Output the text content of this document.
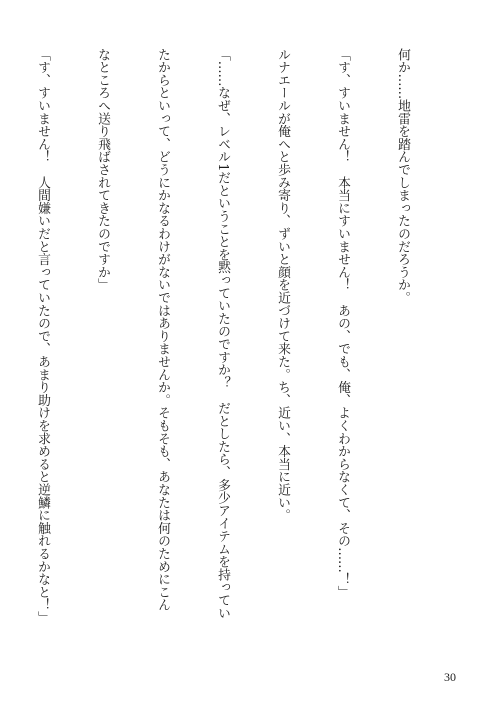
何か……地雷を踏んでしまったのだろうか。

「す、すいません！　本当にすいません！　あの、でも、俺、よくわからなくて、その……！」

ルナエールが俺へと歩み寄り、ずいと顔を近づけて来た。ち、近い、本当に近い。

「……なぜ、レベル1だということを黙っていたのですか？　だとしたら、多少アイテムを持ってい

たからといって、どうにかなるわけがないではありませんか。そもそも、あなたは何のためにこん

なところへ送り飛ばされてきたのですか」

「す、すいません！　人間嫌いだと言っていたので、あまり助けを求めると逆鱗に触れるかなと！」

30
